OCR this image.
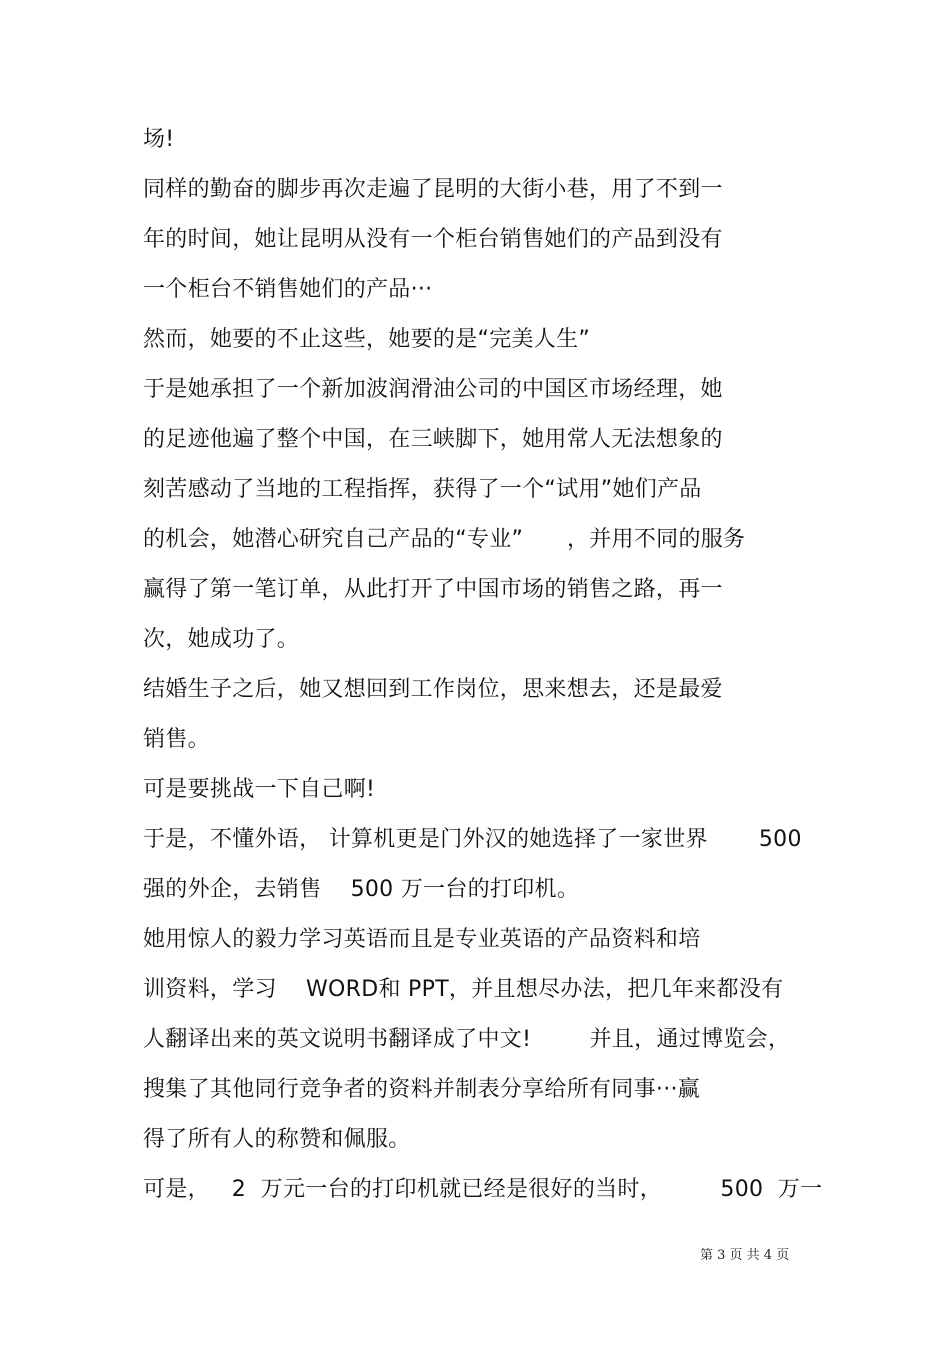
场!
同样的勤奋的脚步再次走遍了昆明的大街小巷，用了不到一
年的时间，她让昆明从没有一个柜台销售她们的产品到没有
一个柜台不销售她们的产品···
然而，她要的不止这些，她要的是“完美人生”
于是她承担了一个新加波润滑油公司的中国区市场经理，她
的足迹他遍了整个中国，在三峡脚下，她用常人无法想象的
刻苦感动了当地的工程指挥，获得了一个“试用”她们产品
的机会，她潜心研究自己产品的“专业”      ，并用不同的服务
赢得了第一笔订单，从此打开了中国市场的销售之路，再一
次，她成功了。
结婚生子之后，她又想回到工作岗位，思来想去，还是最爱
销售。
可是要挑战一下自己啊!
于是，不懂外语， 计算机更是门外汉的她选择了一家世界       500
强的外企，去销售    500 万一台的打印机。
她用惊人的毅力学习英语而且是专业英语的产品资料和培
训资料，学习    WORD和 PPT，并且想尽办法，把几年来都没有
人翻译出来的英文说明书翻译成了中文!        并且，通过博览会，
搜集了其他同行竞争者的资料并制表分享给所有同事···赢
得了所有人的称赞和佩服。
可是，   2  万元一台的打印机就已经是很好的当时，        500  万一
第 3 页 共 4 页
